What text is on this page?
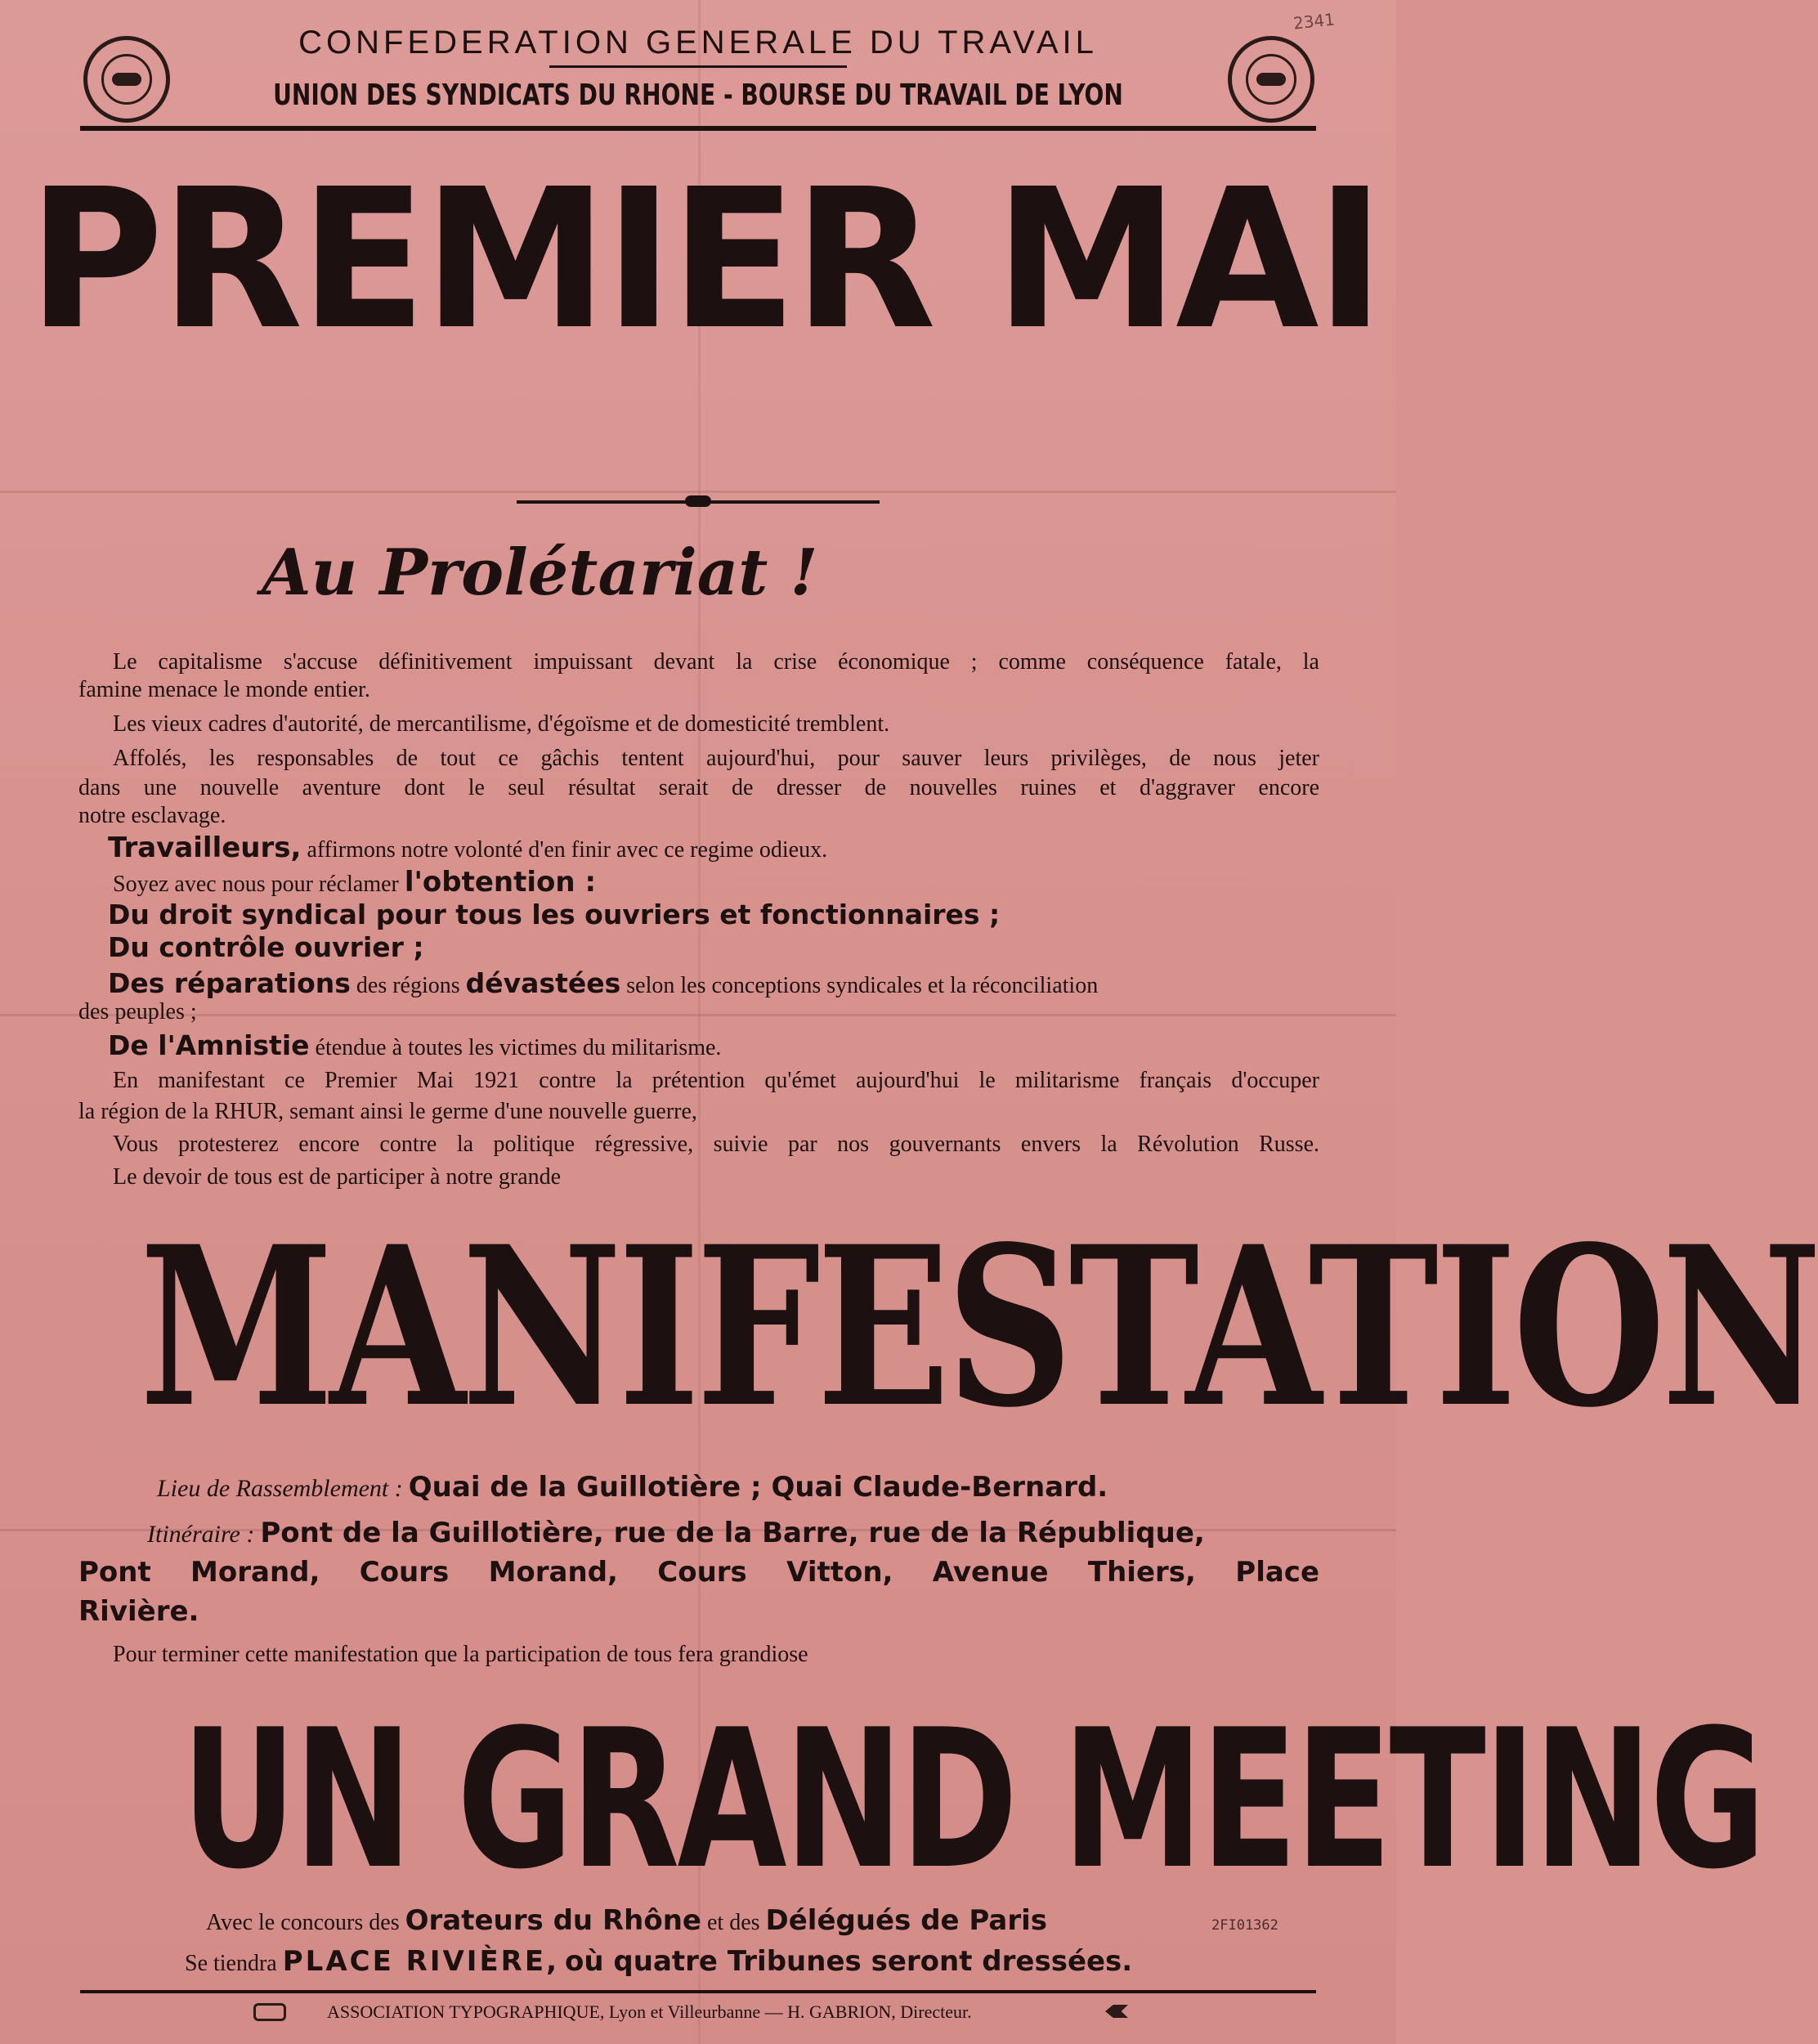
2341
CONFEDERATION GENERALE DU TRAVAIL
UNION DES SYNDICATS DU RHONE - BOURSE DU TRAVAIL DE LYON
PREMIER MAI
Au Prolétariat !
Le capitalisme s'accuse définitivement impuissant devant la crise économique ; comme conséquence fatale, la
famine menace le monde entier.
Les vieux cadres d'autorité, de mercantilisme, d'égoïsme et de domesticité tremblent.
Affolés, les responsables de tout ce gâchis tentent aujourd'hui, pour sauver leurs privilèges, de nous jeter
dans une nouvelle aventure dont le seul résultat serait de dresser de nouvelles ruines et d'aggraver encore
notre esclavage.
Travailleurs, affirmons notre volonté d'en finir avec ce regime odieux.
Soyez avec nous pour réclamer l'obtention :
Du droit syndical pour tous les ouvriers et fonctionnaires ;
Du contrôle ouvrier ;
Des réparations des régions dévastées selon les conceptions syndicales et la réconciliation
des peuples ;
De l'Amnistie étendue à toutes les victimes du militarisme.
En manifestant ce Premier Mai 1921 contre la prétention qu'émet aujourd'hui le militarisme français d'occuper
la région de la RHUR, semant ainsi le germe d'une nouvelle guerre,
Vous protesterez encore contre la politique régressive, suivie par nos gouvernants envers la Révolution Russe.
Le devoir de tous est de participer à notre grande
MANIFESTATION
Lieu de Rassemblement : Quai de la Guillotière ; Quai Claude-Bernard.
Itinéraire : Pont de la Guillotière, rue de la Barre, rue de la République,
Pont Morand, Cours Morand, Cours Vitton, Avenue Thiers, Place
Rivière.
Pour terminer cette manifestation que la participation de tous fera grandiose
UN GRAND MEETING
Avec le concours des Orateurs du Rhône et des Délégués de Paris	2FI01362
Se tiendra PLACE RIVIÈRE, où quatre Tribunes seront dressées.
ASSOCIATION TYPOGRAPHIQUE, Lyon et Villeurbanne — H. GABRION, Directeur.
